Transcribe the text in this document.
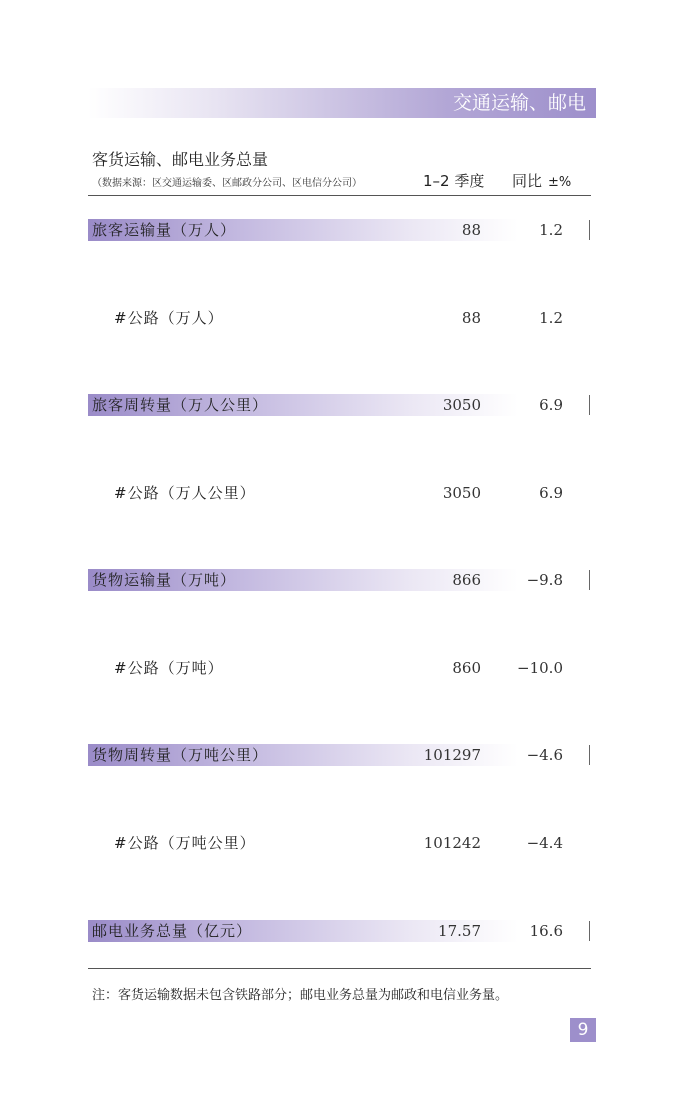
交通运输、邮电
客货运输、邮电业务总量
（数据来源：区交通运输委、区邮政分公司、区电信分公司）	1–2 季度 同比 ±%
旅客运输量（万人）	88	1.2
#公路（万人）	88	1.2
旅客周转量（万人公里）	3050	6.9
#公路（万人公里）	3050	6.9
货物运输量（万吨）	866	−9.8
#公路（万吨）	860 −10.0
货物周转量（万吨公里）	101297	−4.6
#公路（万吨公里）	101242	−4.4
邮电业务总量（亿元）	17.57	16.6
注：客货运输数据未包含铁路部分；邮电业务总量为邮政和电信业务量。
9
